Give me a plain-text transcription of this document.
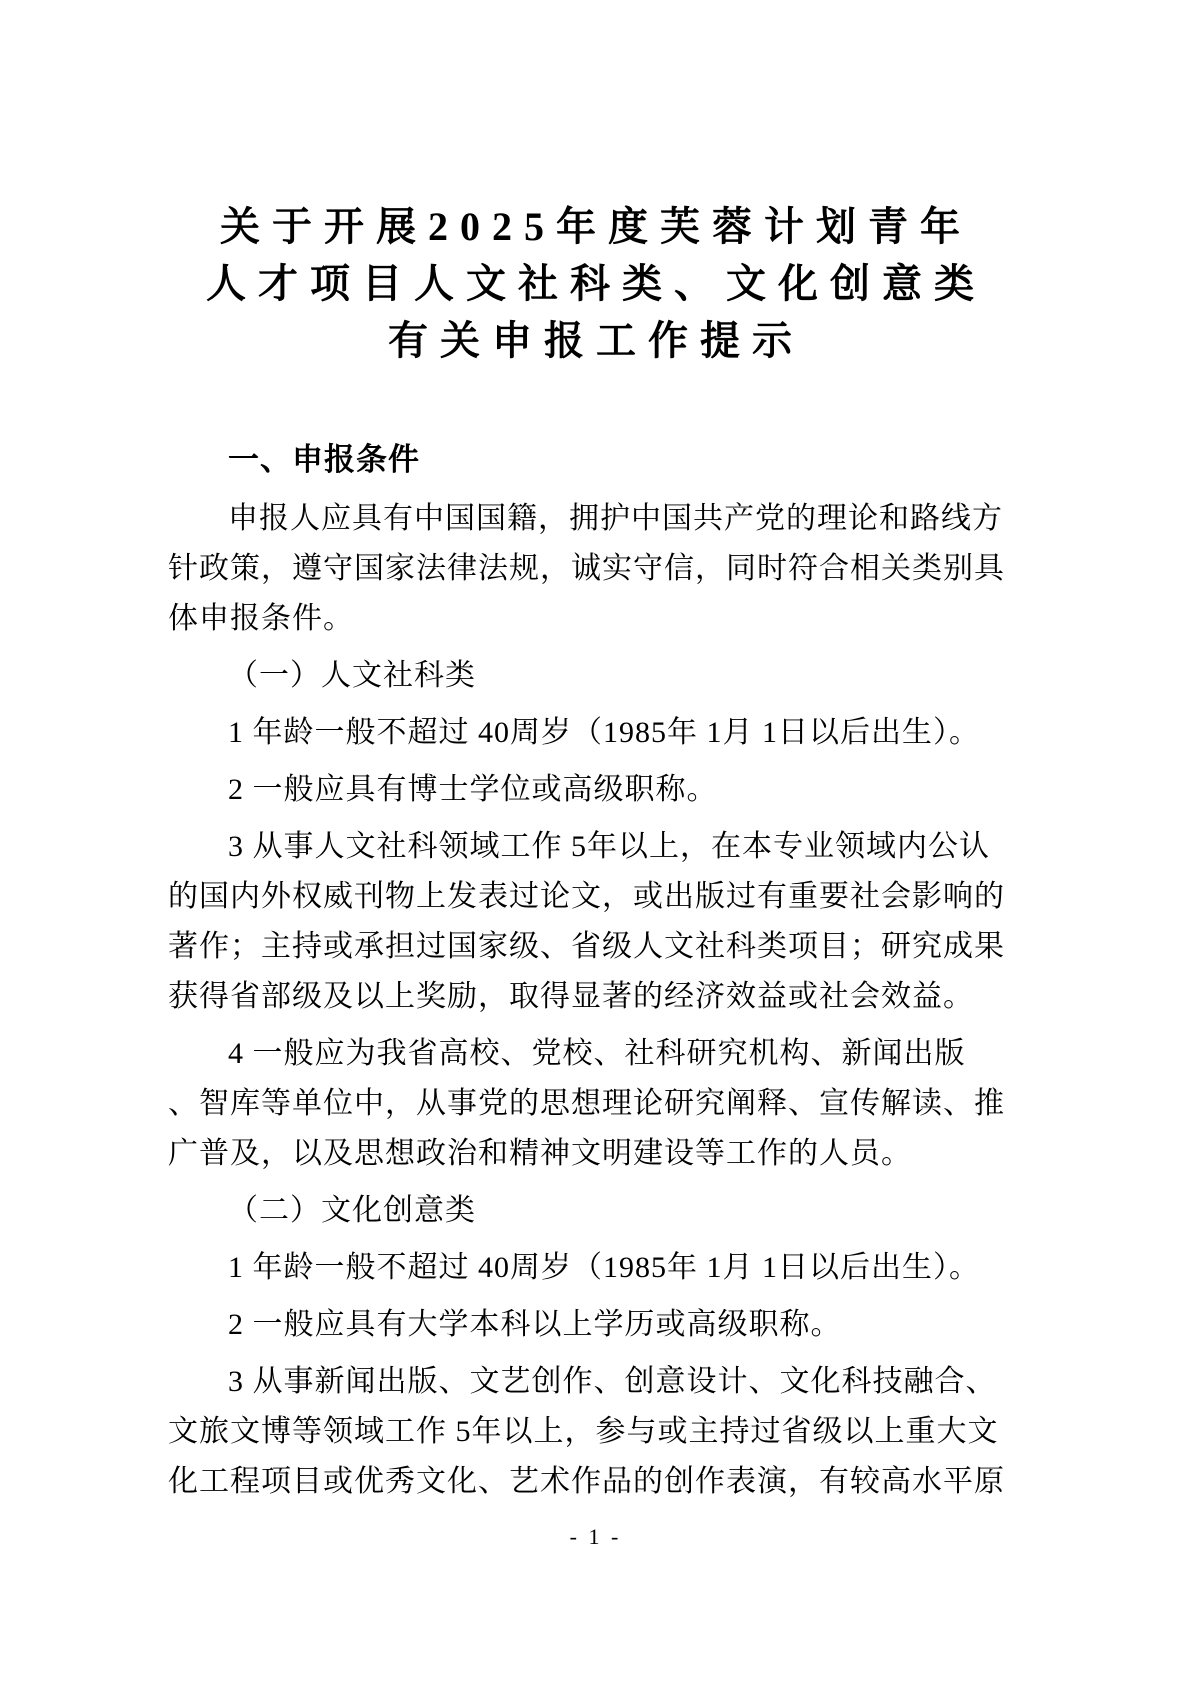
关于开展2025年度芙蓉计划青年
人才项目人文社科类、文化创意类
有关申报工作提示
一、申报条件
申报人应具有中国国籍，拥护中国共产党的理论和路线方
针政策，遵守国家法律法规，诚实守信，同时符合相关类别具
体申报条件。
（一）人文社科类
1 年龄一般不超过 40周岁（1985年 1月 1日以后出生）。
2 一般应具有博士学位或高级职称。
3 从事人文社科领域工作 5年以上，在本专业领域内公认
的国内外权威刊物上发表过论文，或出版过有重要社会影响的
著作；主持或承担过国家级、省级人文社科类项目；研究成果
获得省部级及以上奖励，取得显著的经济效益或社会效益。
4 一般应为我省高校、党校、社科研究机构、新闻出版
、智库等单位中，从事党的思想理论研究阐释、宣传解读、推
广普及，以及思想政治和精神文明建设等工作的人员。
（二）文化创意类
1 年龄一般不超过 40周岁（1985年 1月 1日以后出生）。
2 一般应具有大学本科以上学历或高级职称。
3 从事新闻出版、文艺创作、创意设计、文化科技融合、
文旅文博等领域工作 5年以上，参与或主持过省级以上重大文
化工程项目或优秀文化、艺术作品的创作表演，有较高水平原
- 1 -
